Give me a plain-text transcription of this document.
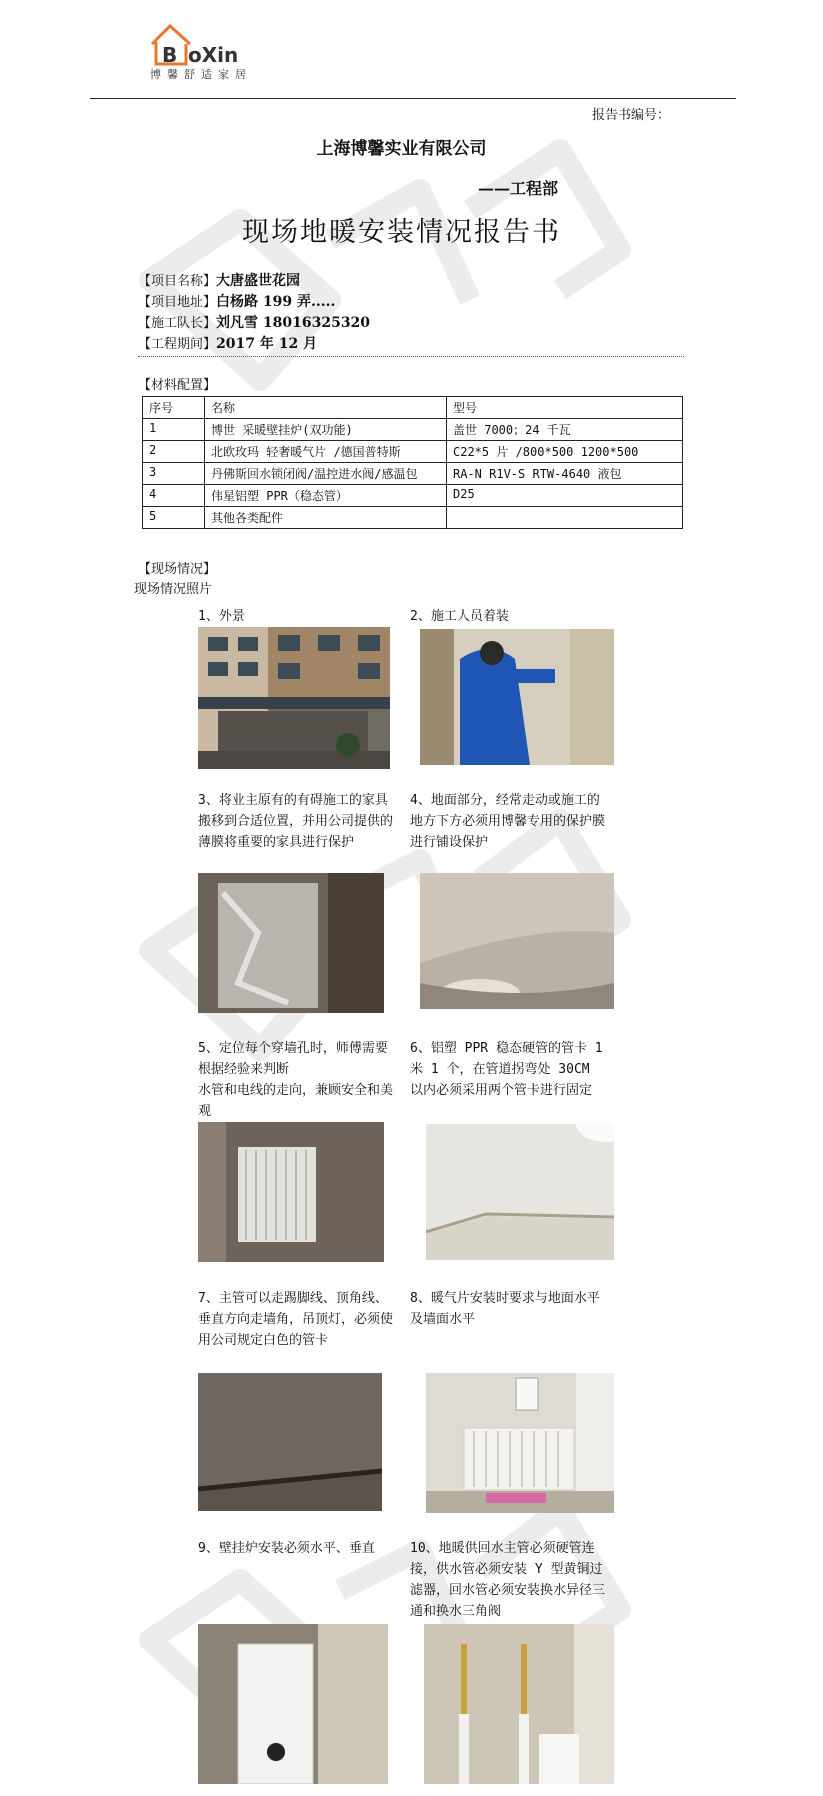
B oXin
博馨舒适家居
报告书编号：
上海博馨实业有限公司
——工程部
现场地暖安装情况报告书
【项目名称】大唐盛世花园
【项目地址】白杨路 199 弄.....
【施工队长】刘凡雪 18016325320
【工程期间】2017 年 12 月
【材料配置】
序号	名称	型号
1	博世 采暖壁挂炉(双功能)	盖世 7000；24 千瓦
2	北欧玫玛 轻奢暖气片 /德国普特斯	C22*5 片 /800*500 1200*500
3	丹佛斯回水锁闭阀/温控进水阀/感温包	RA-N R1V-S RTW-4640 液包
4	伟星铝塑 PPR（稳态管）	D25
5	其他各类配件	
【现场情况】
现场情况照片
1、外景	2、施工人员着装
3、将业主原有的有碍施工的家具搬移到合适位置，并用公司提供的薄膜将重要的家具进行保护
4、地面部分，经常走动或施工的地方下方必须用博馨专用的保护膜进行铺设保护
5、定位每个穿墙孔时，师傅需要根据经验来判断
水管和电线的走向，兼顾安全和美观
6、铝塑 PPR 稳态硬管的管卡 1 米 1 个，在管道拐弯处 30CM 以内必须采用两个管卡进行固定
7、主管可以走踢脚线、顶角线、垂直方向走墙角，吊顶灯，必须使用公司规定白色的管卡
8、暖气片安装时要求与地面水平及墙面水平
9、壁挂炉安装必须水平、垂直	10、地暖供回水主管必须硬管连接，供水管必须安装 Y 型黄铜过滤器，回水管必须安装换水异径三通和换水三角阀
